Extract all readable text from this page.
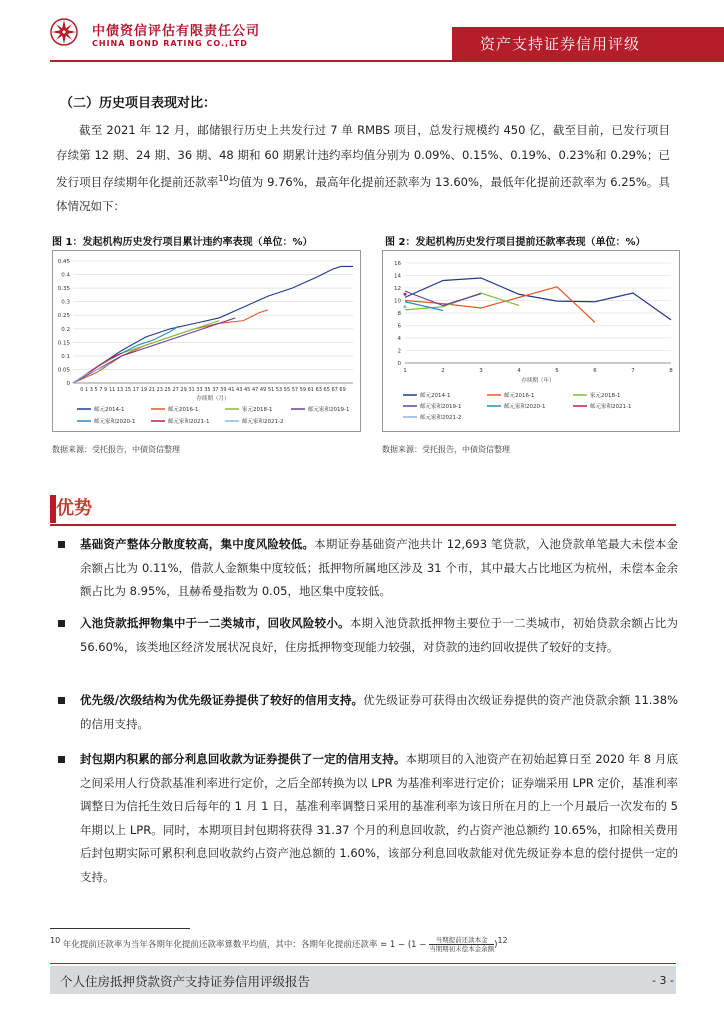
中债资信评估有限责任公司
CHINA BOND RATING CO.,LTD	资产支持证券信用评级
（二）历史项目表现对比：
截至 2021 年 12 月，邮储银行历史上共发行过 7 单 RMBS 项目，总发行规模约 450 亿，截至目前，已发行项目存续第 12 期、24 期、36 期、48 期和 60 期累计违约率均值分别为 0.09%、0.15%、0.19%、0.23%和 0.29%；已发行项目存续期年化提前还款率$^{10}$均值为 9.76%，最高年化提前还款率为 13.60%，最低年化提前还款率为 6.25%。具体情况如下：
图 1：发起机构历史发行项目累计违约率表现（单位：%）
0.45
0.4
0.35
0.3
0.25
0.2
0.15
0.1
0.05
0
0 1 3 5 7 9 11 13 15 17 19 21 23 25 27 29 31 33 35 37 39 41 43 45 47 49 51 53 55 57 59 61 63 65 67 69
存续期（月）
邮元2014-1	邮元2016-1	家元2018-1	邮元家和2019-1
邮元家和2020-1	邮元家和2021-1	邮元家和2021-2
数据来源：受托报告，中债资信整理
图 2：发起机构历史发行项目提前还款率表现（单位：%）
16
14
12
10
8
6
4
2
0
1	2	3	4	5	6	7	8
存续期（年）
邮元2014-1	邮元2016-1	家元2018-1
邮元家和2019-1	邮元家和2020-1	邮元家和2021-1
邮元家和2021-2
数据来源：受托报告，中债资信整理
优势
基础资产整体分散度较高，集中度风险较低。本期证券基础资产池共计 12,693 笔贷款，入池贷款单笔最大未偿本金余额占比为 0.11%，借款人金额集中度较低；抵押物所属地区涉及 31 个市，其中最大占比地区为杭州，未偿本金余额占比为 8.95%，且赫希曼指数为 0.05，地区集中度较低。
入池贷款抵押物集中于一二类城市，回收风险较小。本期入池贷款抵押物主要位于一二类城市，初始贷款余额占比为 56.60%，该类地区经济发展状况良好，住房抵押物变现能力较强，对贷款的违约回收提供了较好的支持。
优先级/次级结构为优先级证券提供了较好的信用支持。优先级证券可获得由次级证券提供的资产池贷款余额 11.38%的信用支持。
封包期内积累的部分利息回收款为证券提供了一定的信用支持。本期项目的入池资产在初始起算日至 2020 年 8 月底之间采用人行贷款基准利率进行定价，之后全部转换为以 LPR 为基准利率进行定价；证券端采用 LPR 定价，基准利率调整日为信托生效日后每年的 1 月 1 日，基准利率调整日采用的基准利率为该日所在月的上一个月最后一次发布的 5 年期以上 LPR。同时，本期项目封包期将获得 31.37 个月的利息回收款，约占资产池总额约 10.65%，扣除相关费用后封包期实际可累积利息回收款约占资产池总额的 1.60%，该部分利息回收款能对优先级证券本息的偿付提供一定的支持。
10 年化提前还款率为当年各期年化提前还款率算数平均值，其中：各期年化提前还款率 = 1 − (1 −	当期提前还款本金
当期期初未偿本金余额 )12
个人住房抵押贷款资产支持证券信用评级报告	- 3 -
